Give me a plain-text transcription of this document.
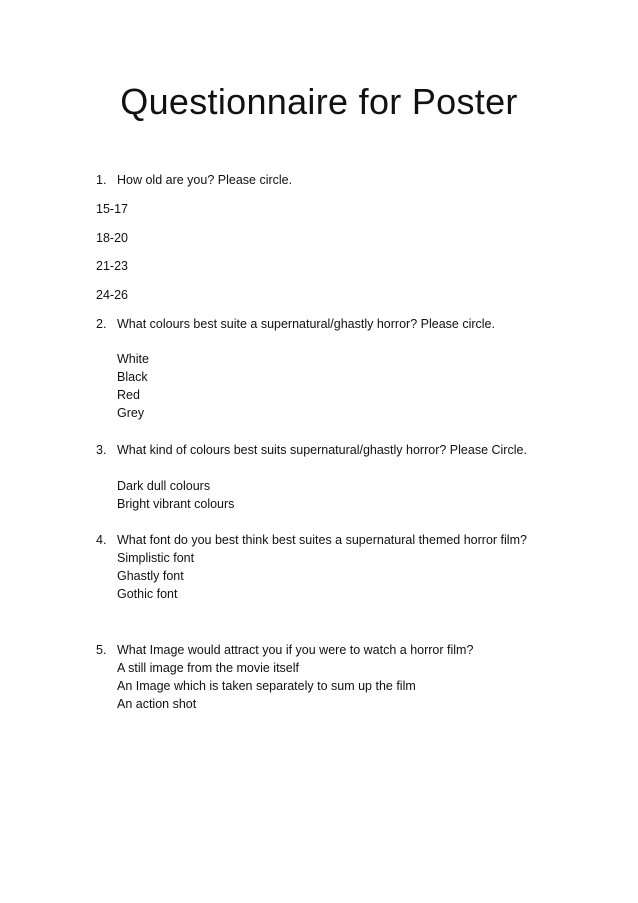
Questionnaire for Poster
1. How old are you? Please circle.
15-17
18-20
21-23
24-26
2. What colours best suite a supernatural/ghastly horror? Please circle.
White
Black
Red
Grey
3. What kind of colours best suits supernatural/ghastly horror? Please Circle.
Dark dull colours
Bright vibrant colours
4. What font do you best think best suites a supernatural themed horror film?
Simplistic font
Ghastly font
Gothic font
5. What Image would attract you if you were to watch a horror film?
A still image from the movie itself
An Image which is taken separately to sum up the film
An action shot
